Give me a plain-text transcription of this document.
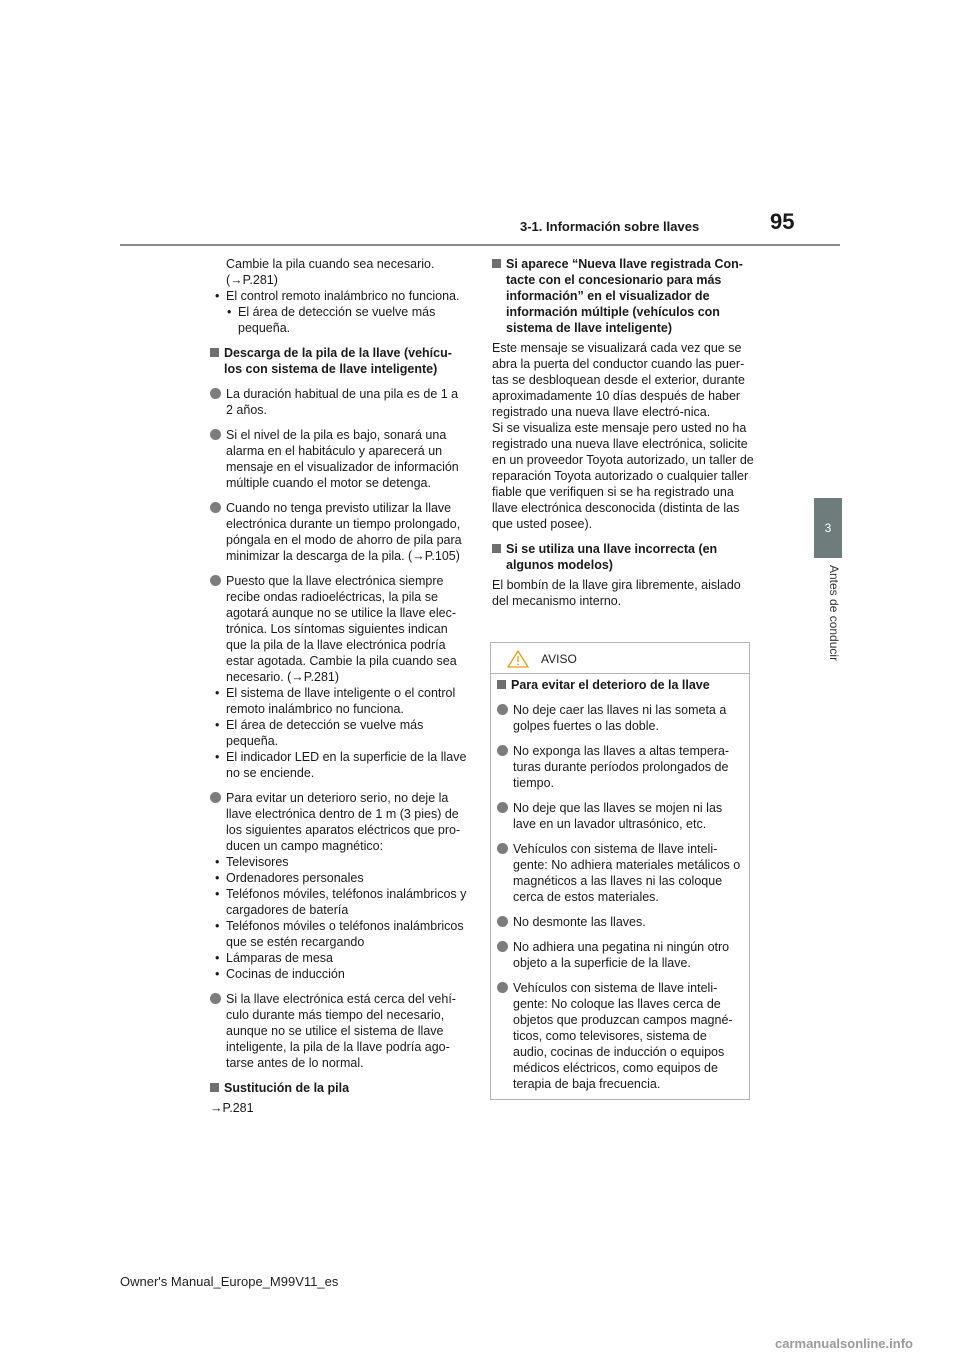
3-1. Información sobre llaves	95
3
Antes de conducir

Cambie la pila cuando sea necesario.

(→P.281)

• El control remoto inalámbrico no funciona.

• El área de detección se vuelve más pequeña.

Descarga de la pila de la llave (vehícu-los con sistema de llave inteligente)
La duración habitual de una pila es de 1 a 2 años.
Si el nivel de la pila es bajo, sonará una alarma en el habitáculo y aparecerá un mensaje en el visualizador de información múltiple cuando el motor se detenga.
Cuando no tenga previsto utilizar la llave electrónica durante un tiempo prolongado, póngala en el modo de ahorro de pila para minimizar la descarga de la pila. (→P.105)
Puesto que la llave electrónica siempre recibe ondas radioeléctricas, la pila se agotará aunque no se utilice la llave elec-trónica. Los síntomas siguientes indican que la pila de la llave electrónica podría estar agotada. Cambie la pila cuando sea necesario. (→P.281)

• El sistema de llave inteligente o el control remoto inalámbrico no funciona.

• El área de detección se vuelve más pequeña.

• El indicador LED en la superficie de la llave no se enciende.

Para evitar un deterioro serio, no deje la llave electrónica dentro de 1 m (3 pies) de los siguientes aparatos eléctricos que pro-ducen un campo magnético:

• Televisores

• Ordenadores personales

• Teléfonos móviles, teléfonos inalámbricos y cargadores de batería

• Teléfonos móviles o teléfonos inalámbricos que se estén recargando

• Lámparas de mesa

• Cocinas de inducción

Si la llave electrónica está cerca del vehí-culo durante más tiempo del necesario, aunque no se utilice el sistema de llave inteligente, la pila de la llave podría ago-tarse antes de lo normal.
Sustitución de la pila

→P.281

Si aparece “Nueva llave registrada Con-tacte con el concesionario para más información” en el visualizador de información múltiple (vehículos con sistema de llave inteligente)

Este mensaje se visualizará cada vez que se abra la puerta del conductor cuando las puer-tas se desbloquean desde el exterior, durante aproximadamente 10 días después de haber registrado una nueva llave electró-nica.

Si se visualiza este mensaje pero usted no ha registrado una nueva llave electrónica, solicite en un proveedor Toyota autorizado, un taller de reparación Toyota autorizado o cualquier taller fiable que verifiquen si se ha registrado una llave electrónica desconocida (distinta de las que usted posee).

Si se utiliza una llave incorrecta (en algunos modelos)

El bombín de la llave gira libremente, aislado del mecanismo interno.

AVISO
Para evitar el deterioro de la llave
No deje caer las llaves ni las someta a golpes fuertes o las doble.
No exponga las llaves a altas tempera-turas durante períodos prolongados de tiempo.
No deje que las llaves se mojen ni las lave en un lavador ultrasónico, etc.
Vehículos con sistema de llave inteli-gente: No adhiera materiales metálicos o magnéticos a las llaves ni las coloque cerca de estos materiales.
No desmonte las llaves.
No adhiera una pegatina ni ningún otro objeto a la superficie de la llave.
Vehículos con sistema de llave inteli-gente: No coloque las llaves cerca de objetos que produzcan campos magné-ticos, como televisores, sistema de audio, cocinas de inducción o equipos médicos eléctricos, como equipos de terapia de baja frecuencia.
Owner's Manual_Europe_M99V11_es
carmanualsonline.info
